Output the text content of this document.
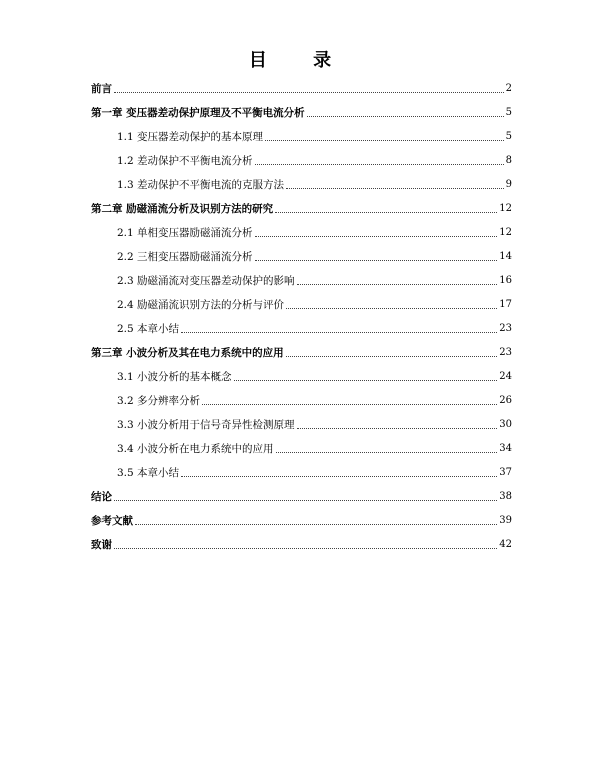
目 录
前言	2
第一章 变压器差动保护原理及不平衡电流分析	5
1.1 变压器差动保护的基本原理	5
1.2 差动保护不平衡电流分析	8
1.3 差动保护不平衡电流的克服方法	9
第二章 励磁涌流分析及识别方法的研究	12
2.1 单相变压器励磁涌流分析	12
2.2 三相变压器励磁涌流分析	14
2.3 励磁涌流对变压器差动保护的影响	16
2.4 励磁涌流识别方法的分析与评价	17
2.5 本章小结	23
第三章 小波分析及其在电力系统中的应用	23
3.1 小波分析的基本概念	24
3.2 多分辨率分析	26
3.3 小波分析用于信号奇异性检测原理	30
3.4 小波分析在电力系统中的应用	34
3.5 本章小结	37
结论	38
参考文献	39
致谢	42
